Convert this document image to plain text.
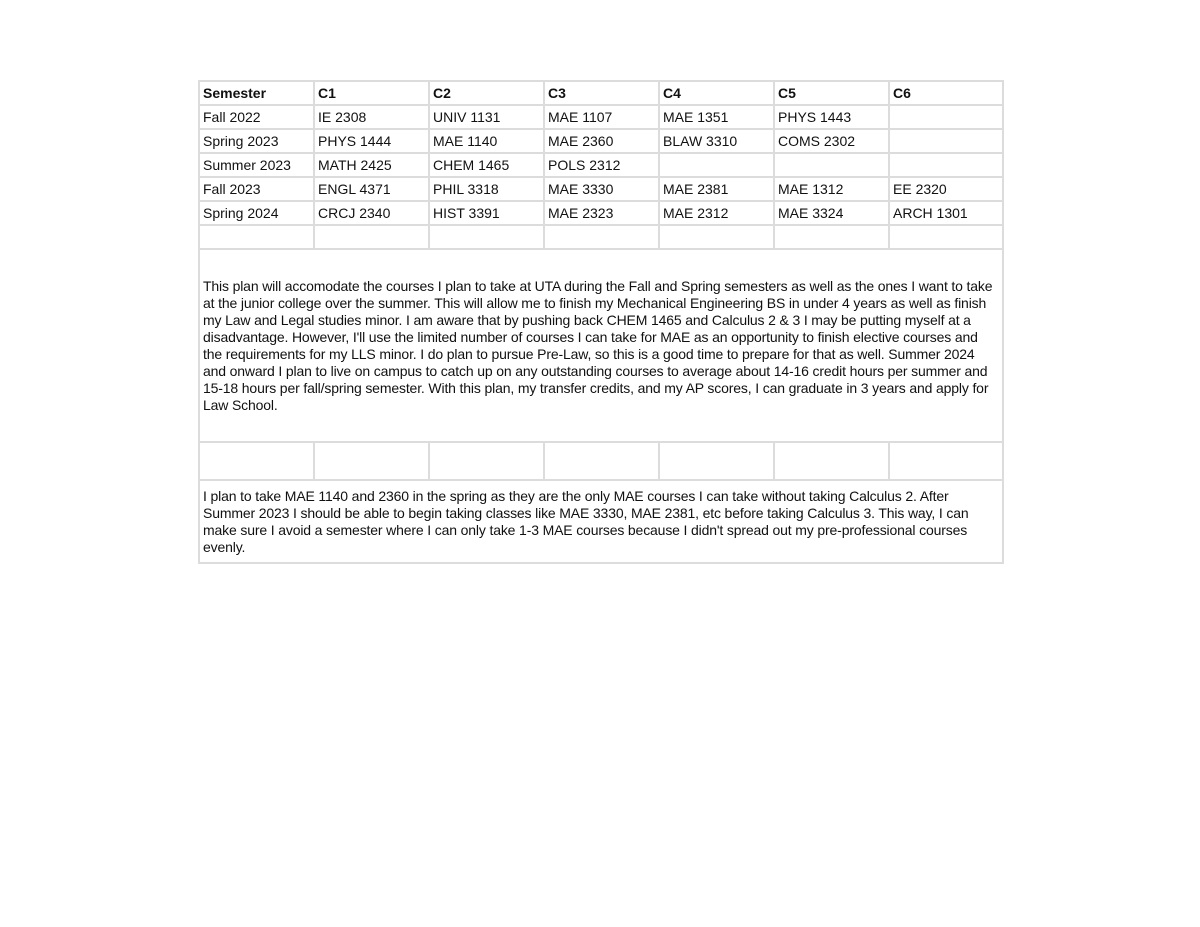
Semester	C1	C2	C3	C4	C5	C6
Fall 2022	IE 2308	UNIV 1131	MAE 1107	MAE 1351	PHYS 1443	
Spring 2023	PHYS 1444	MAE 1140	MAE 2360	BLAW 3310	COMS 2302	
Summer 2023	MATH 2425	CHEM 1465	POLS 2312			
Fall 2023	ENGL 4371	PHIL 3318	MAE 3330	MAE 2381	MAE 1312	EE 2320
Spring 2024	CRCJ 2340	HIST 3391	MAE 2323	MAE 2312	MAE 3324	ARCH 1301

This plan will accomodate the courses I plan to take at UTA during the Fall and Spring semesters as well as the ones I want to take at the junior college over the summer. This will allow me to finish my Mechanical Engineering BS in under 4 years as well as finish my Law and Legal studies minor. I am aware that by pushing back CHEM 1465 and Calculus 2 & 3 I may be putting myself at a disadvantage. However, I'll use the limited number of courses I can take for MAE as an opportunity to finish elective courses and the requirements for my LLS minor. I do plan to pursue Pre-Law, so this is a good time to prepare for that as well. Summer 2024 and onward I plan to live on campus to catch up on any outstanding courses to average about 14-16 credit hours per summer and 15-18 hours per fall/spring semester. With this plan, my transfer credits, and my AP scores, I can graduate in 3 years and apply for Law School.						

I plan to take MAE 1140 and 2360 in the spring as they are the only MAE courses I can take without taking Calculus 2. After Summer 2023 I should be able to begin taking classes like MAE 3330, MAE 2381, etc before taking Calculus 3. This way, I can make sure I avoid a semester where I can only take 1-3 MAE courses because I didn't spread out my pre-professional courses evenly.						
